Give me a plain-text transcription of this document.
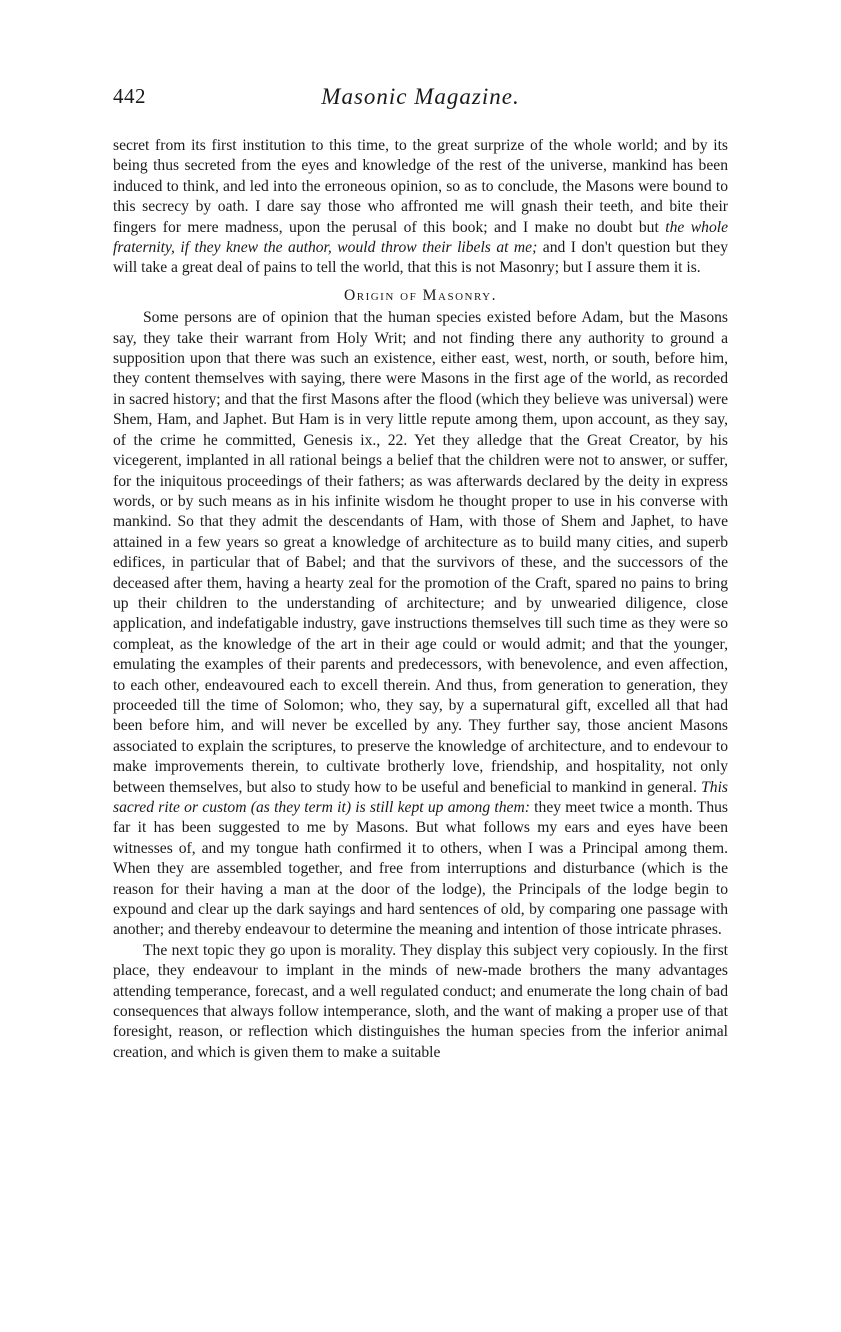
442	Masonic Magazine.

secret from its first institution to this time, to the great surprize of the whole world; and by its being thus secreted from the eyes and knowledge of the rest of the universe, mankind has been induced to think, and led into the erroneous opinion, so as to conclude, the Masons were bound to this secrecy by oath. I dare say those who affronted me will gnash their teeth, and bite their fingers for mere madness, upon the perusal of this book; and I make no doubt but the whole fraternity, if they knew the author, would throw their libels at me; and I don't question but they will take a great deal of pains to tell the world, that this is not Masonry; but I assure them it is.

Origin of Masonry.

Some persons are of opinion that the human species existed before Adam, but the Masons say, they take their warrant from Holy Writ; and not finding there any authority to ground a supposition upon that there was such an existence, either east, west, north, or south, before him, they content themselves with saying, there were Masons in the first age of the world, as recorded in sacred history; and that the first Masons after the flood (which they believe was universal) were Shem, Ham, and Japhet. But Ham is in very little repute among them, upon account, as they say, of the crime he committed, Genesis ix., 22. Yet they alledge that the Great Creator, by his vicegerent, implanted in all rational beings a belief that the children were not to answer, or suffer, for the iniquitous proceedings of their fathers; as was afterwards declared by the deity in express words, or by such means as in his infinite wisdom he thought proper to use in his converse with mankind. So that they admit the descendants of Ham, with those of Shem and Japhet, to have attained in a few years so great a knowledge of architecture as to build many cities, and superb edifices, in particular that of Babel; and that the survivors of these, and the successors of the deceased after them, having a hearty zeal for the promotion of the Craft, spared no pains to bring up their children to the understanding of architecture; and by unwearied diligence, close application, and indefatigable industry, gave instructions themselves till such time as they were so compleat, as the knowledge of the art in their age could or would admit; and that the younger, emulating the examples of their parents and predecessors, with benevolence, and even affection, to each other, endeavoured each to excell therein. And thus, from generation to generation, they proceeded till the time of Solomon; who, they say, by a supernatural gift, excelled all that had been before him, and will never be excelled by any. They further say, those ancient Masons associated to explain the scriptures, to preserve the knowledge of architecture, and to endevour to make improvements therein, to cultivate brotherly love, friendship, and hospitality, not only between themselves, but also to study how to be useful and beneficial to mankind in general. This sacred rite or custom (as they term it) is still kept up among them: they meet twice a month. Thus far it has been suggested to me by Masons. But what follows my ears and eyes have been witnesses of, and my tongue hath confirmed it to others, when I was a Principal among them. When they are assembled together, and free from interruptions and disturbance (which is the reason for their having a man at the door of the lodge), the Principals of the lodge begin to expound and clear up the dark sayings and hard sentences of old, by comparing one passage with another; and thereby endeavour to determine the meaning and intention of those intricate phrases.

The next topic they go upon is morality. They display this subject very copiously. In the first place, they endeavour to implant in the minds of new-made brothers the many advantages attending temperance, forecast, and a well regulated conduct; and enumerate the long chain of bad consequences that always follow intemperance, sloth, and the want of making a proper use of that foresight, reason, or reflection which distinguishes the human species from the inferior animal creation, and which is given them to make a suitable
